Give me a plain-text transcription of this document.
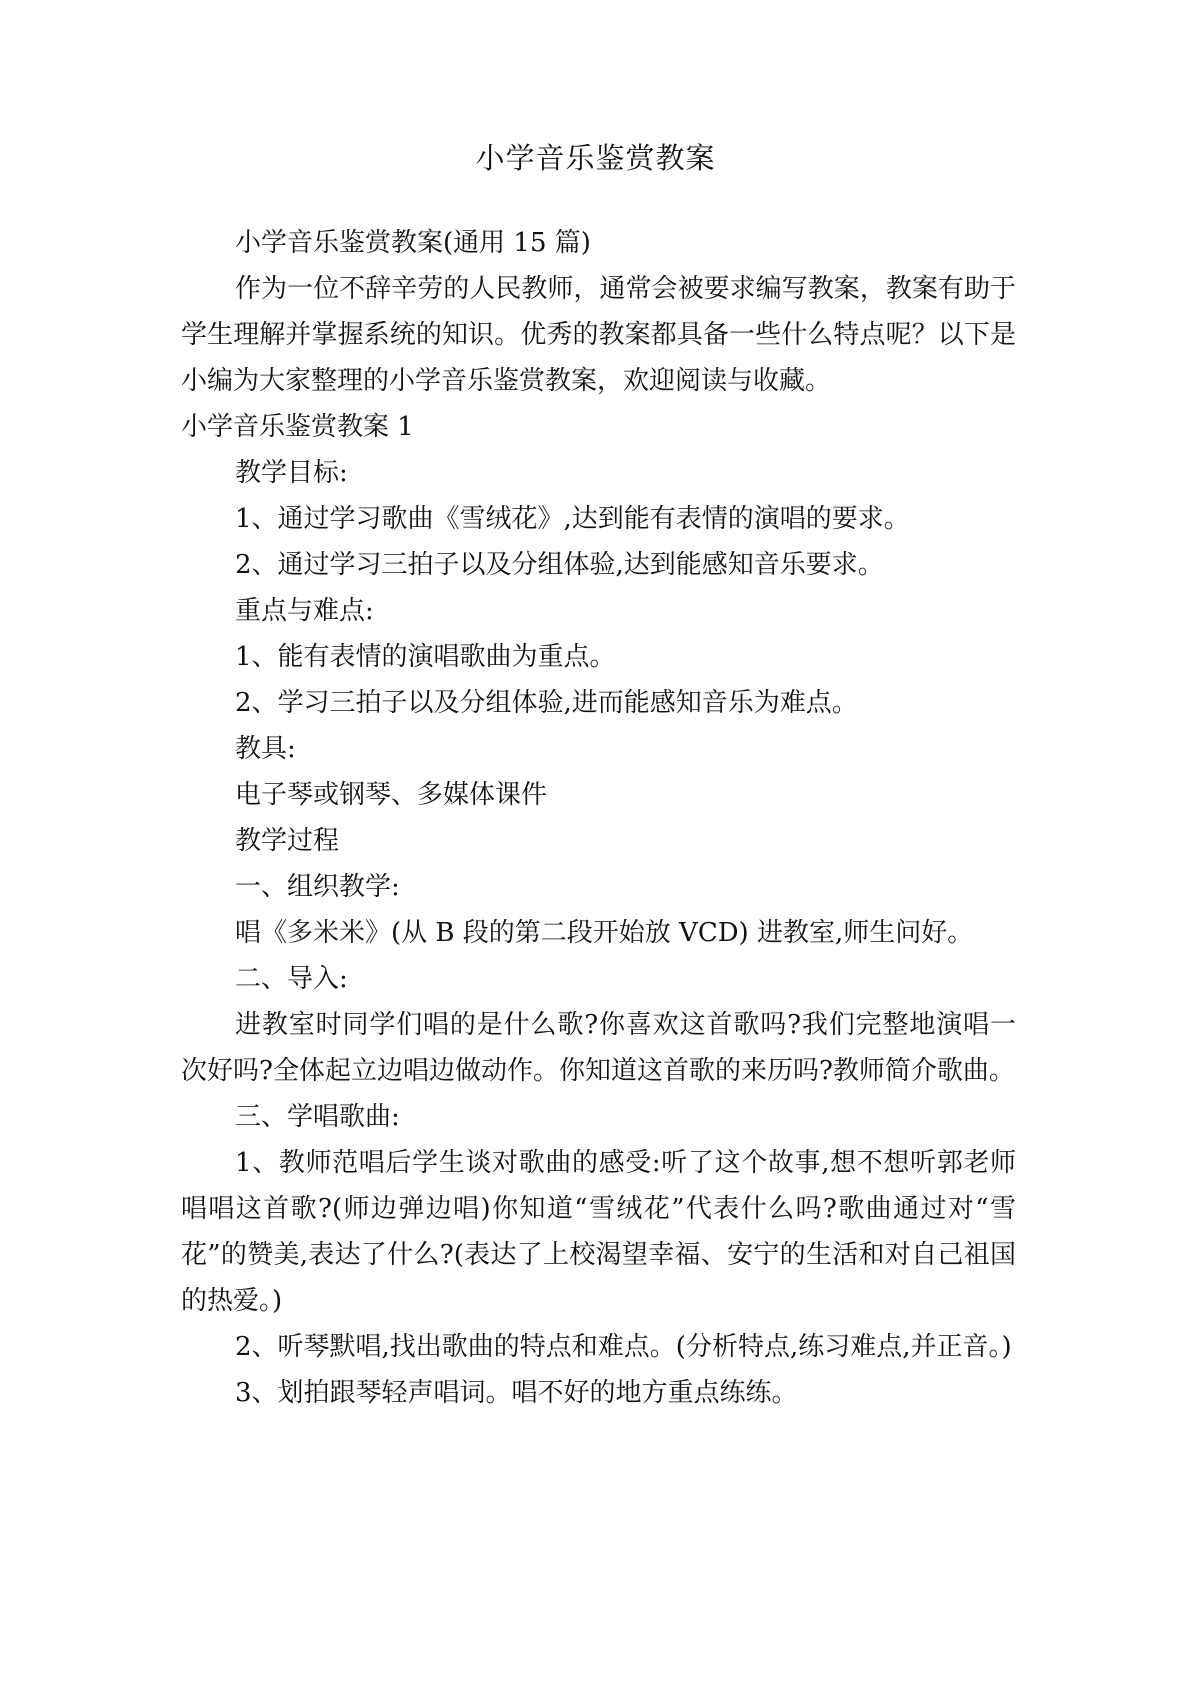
小学音乐鉴赏教案

小学音乐鉴赏教案(通用 15 篇)

作为一位不辞辛劳的人民教师，通常会被要求编写教案，教案有助于学生理解并掌握系统的知识。优秀的教案都具备一些什么特点呢？以下是小编为大家整理的小学音乐鉴赏教案，欢迎阅读与收藏。

小学音乐鉴赏教案 1

教学目标:

1、通过学习歌曲《雪绒花》,达到能有表情的演唱的要求。

2、通过学习三拍子以及分组体验,达到能感知音乐要求。

重点与难点:

1、能有表情的演唱歌曲为重点。

2、学习三拍子以及分组体验,进而能感知音乐为难点。

教具:

电子琴或钢琴、多媒体课件

教学过程

一、组织教学:

唱《多米米》(从 B 段的第二段开始放 VCD) 进教室,师生问好。

二、导入:

进教室时同学们唱的是什么歌?你喜欢这首歌吗?我们完整地演唱一次好吗?全体起立边唱边做动作。你知道这首歌的来历吗?教师简介歌曲。

三、学唱歌曲:

1、教师范唱后学生谈对歌曲的感受:听了这个故事,想不想听郭老师唱唱这首歌?(师边弹边唱)你知道“雪绒花”代表什么吗?歌曲通过对“雪花”的赞美,表达了什么?(表达了上校渴望幸福、安宁的生活和对自己祖国的热爱。)

2、听琴默唱,找出歌曲的特点和难点。(分析特点,练习难点,并正音。)

3、划拍跟琴轻声唱词。唱不好的地方重点练练。
